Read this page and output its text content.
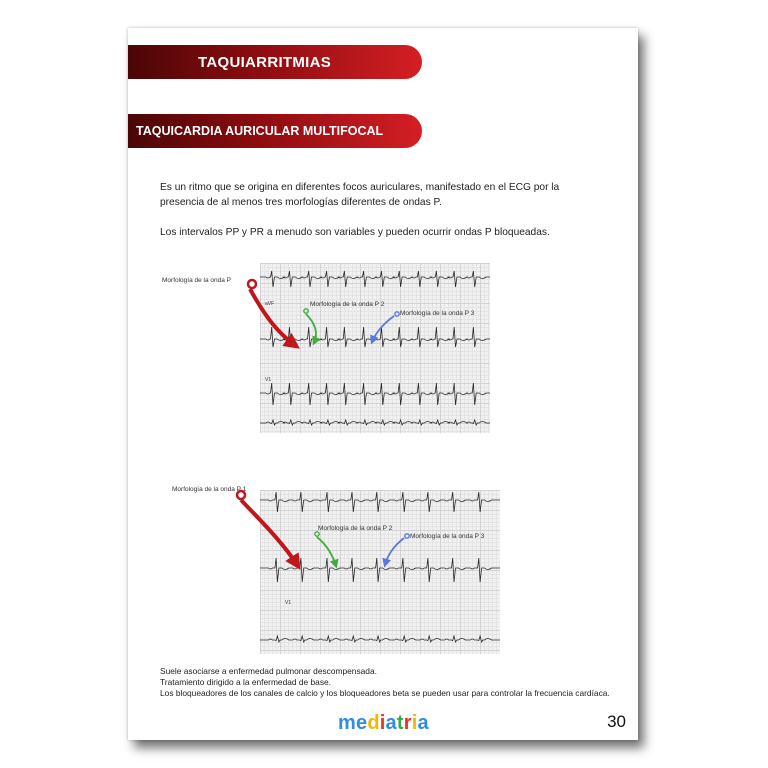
TAQUIARRITMIAS
TAQUICARDIA AURICULAR MULTIFOCAL

Es un ritmo que se origina en diferentes focos auriculares, manifestado en el ECG por la presencia de al menos tres morfologías diferentes de ondas P.

Los intervalos PP y PR a menudo son variables y pueden ocurrir ondas P bloqueadas.

aVF
V1
Morfología de la onda P
Morfología de la onda P 2
Morfología de la onda P 3
V1
Morfología de la onda P 1
Morfología de la onda P 2
Morfología de la onda P 3
Suele asociarse a enfermedad pulmonar descompensada.
Tratamiento dirigido a la enfermedad de base.
Los bloqueadores de los canales de calcio y los bloqueadores beta se pueden usar para controlar la frecuencia cardíaca.
mediatria	30
